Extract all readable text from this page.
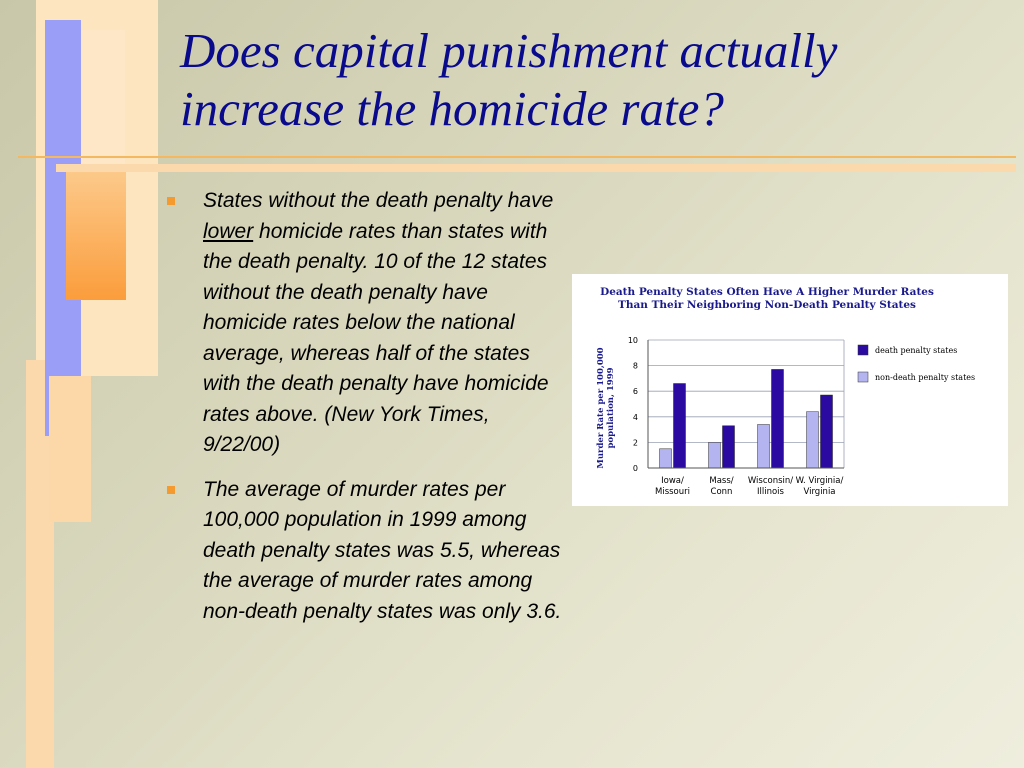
Does capital punishment actually
increase the homicide rate?
States without the death penalty have lower homicide rates than states with the death penalty. 10 of the 12 states without the death penalty have homicide rates below the national average, whereas half of the states with the death penalty have homicide rates above. (New York Times, 9/22/00)
The average of murder rates per 100,000 population in 1999 among death penalty states was 5.5, whereas the average of murder rates among non-death penalty states was only 3.6.
Death Penalty States Often Have A Higher Murder Rates
Than Their Neighboring Non-Death Penalty States
Murder Rate per 100,000 population, 1999
0
2
4
6
8
10
Iowa/
Missouri
Mass/
Conn
Wisconsin/
Illinois
W. Virginia/
Virginia
death penalty states
non-death penalty states
